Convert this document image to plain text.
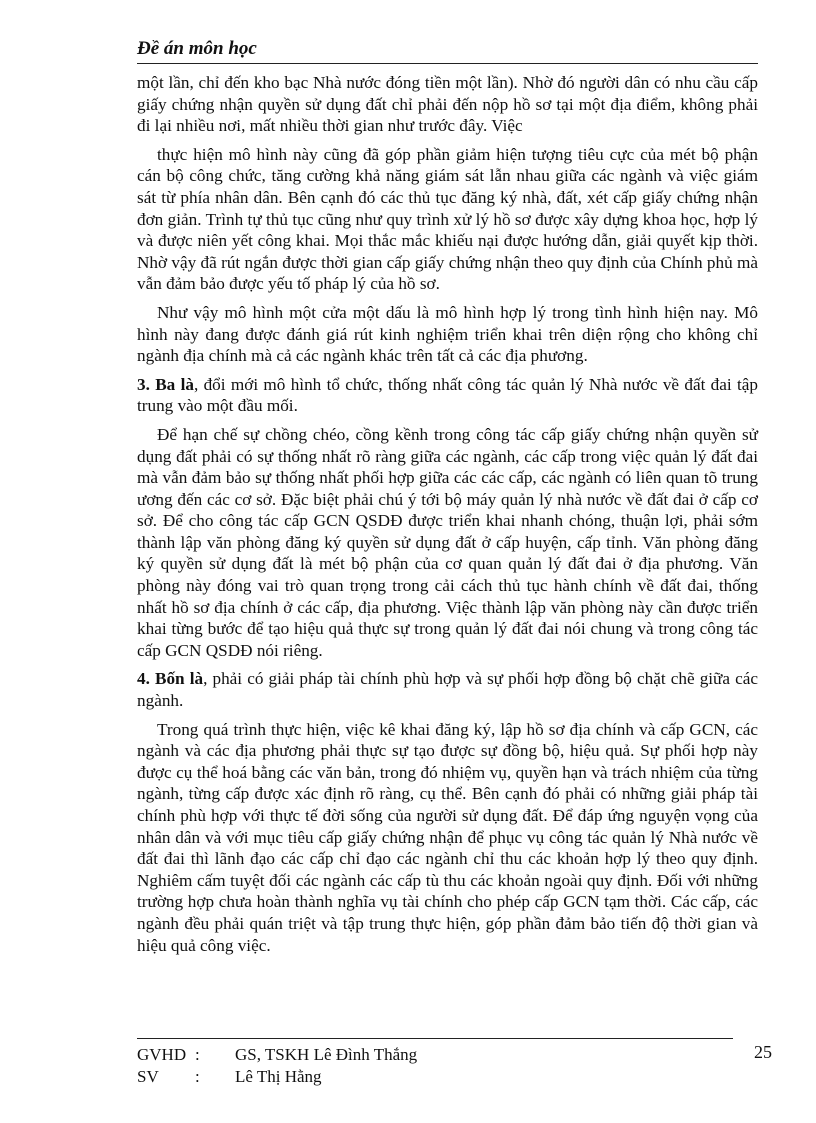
Đề án môn học

một lần, chỉ đến kho bạc Nhà nước đóng tiền một lần). Nhờ đó người dân có nhu cầu cấp giấy chứng nhận quyền sử dụng đất chỉ phải đến nộp hồ sơ tại một địa điểm, không phải đi lại nhiều nơi, mất nhiều thời gian như trước đây. Việc

thực hiện mô hình này cũng đã góp phần giảm hiện tượng tiêu cực của mét bộ phận cán bộ công chức, tăng cường khả năng giám sát lẫn nhau giữa các ngành và việc giám sát từ phía nhân dân. Bên cạnh đó các thủ tục đăng ký nhà, đất, xét cấp giấy chứng nhận đơn giản. Trình tự thủ tục cũng như quy trình xử lý hồ sơ được xây dựng khoa học, hợp lý và được niên yết công khai. Mọi thắc mắc khiếu nại được hướng dẫn, giải quyết kịp thời. Nhờ vậy đã rút ngắn được thời gian cấp giấy chứng nhận theo quy định của Chính phủ mà vẫn đảm bảo được yếu tố pháp lý của hồ sơ.

Như vậy mô hình một cửa một dấu là mô hình hợp lý trong tình hình hiện nay. Mô hình này đang được đánh giá rút kinh nghiệm triển khai trên diện rộng cho không chỉ ngành địa chính mà cả các ngành khác trên tất cả các địa phương.

3. Ba là, đổi mới mô hình tổ chức, thống nhất công tác quản lý Nhà nước về đất đai tập trung vào một đầu mối.

Để hạn chế sự chồng chéo, cồng kềnh trong công tác cấp giấy chứng nhận quyền sử dụng đất phải có sự thống nhất rõ ràng giữa các ngành, các cấp trong việc quản lý đất đai mà vẫn đảm bảo sự thống nhất phối hợp giữa các các cấp, các ngành có liên quan tõ trung ương đến các cơ sở. Đặc biệt phải chú ý tới bộ máy quản lý nhà nước về đất đai ở cấp cơ sở. Để cho công tác cấp GCN QSDĐ được triển khai nhanh chóng, thuận lợi, phải sớm thành lập văn phòng đăng ký quyền sử dụng đất ở cấp huyện, cấp tỉnh. Văn phòng đăng ký quyền sử dụng đất là mét bộ phận của cơ quan quản lý đất đai ở địa phương. Văn phòng này đóng vai trò quan trọng trong cải cách thủ tục hành chính về đất đai, thống nhất hồ sơ địa chính ở các cấp, địa phương. Việc thành lập văn phòng này cần được triển khai từng bước để tạo hiệu quả thực sự trong quản lý đất đai nói chung và trong công tác cấp GCN QSDĐ nói riêng.

4. Bốn là, phải có giải pháp tài chính phù hợp và sự phối hợp đồng bộ chặt chẽ giữa các ngành.

Trong quá trình thực hiện, việc kê khai đăng ký, lập hồ sơ địa chính và cấp GCN, các ngành và các địa phương phải thực sự tạo được sự đồng bộ, hiệu quả. Sự phối hợp này được cụ thể hoá bằng các văn bản, trong đó nhiệm vụ, quyền hạn và trách nhiệm của từng ngành, từng cấp được xác định rõ ràng, cụ thể. Bên cạnh đó phải có những giải pháp tài chính phù hợp với thực tế đời sống của người sử dụng đất. Để đáp ứng nguyện vọng của nhân dân và với mục tiêu cấp giấy chứng nhận để phục vụ công tác quản lý Nhà nước về đất đai thì lãnh đạo các cấp chỉ đạo các ngành chỉ thu các khoản hợp lý theo quy định. Nghiêm cấm tuyệt đối các ngành các cấp tù thu các khoản ngoài quy định. Đối với những trường hợp chưa hoàn thành nghĩa vụ tài chính cho phép cấp GCN tạm thời. Các cấp, các ngành đều phải quán triệt và tập trung thực hiện, góp phần đảm bảo tiến độ thời gian và hiệu quả công việc.

25
GVHD :	GS, TSKH Lê Đình Thắng
SV	:	Lê Thị Hằng
